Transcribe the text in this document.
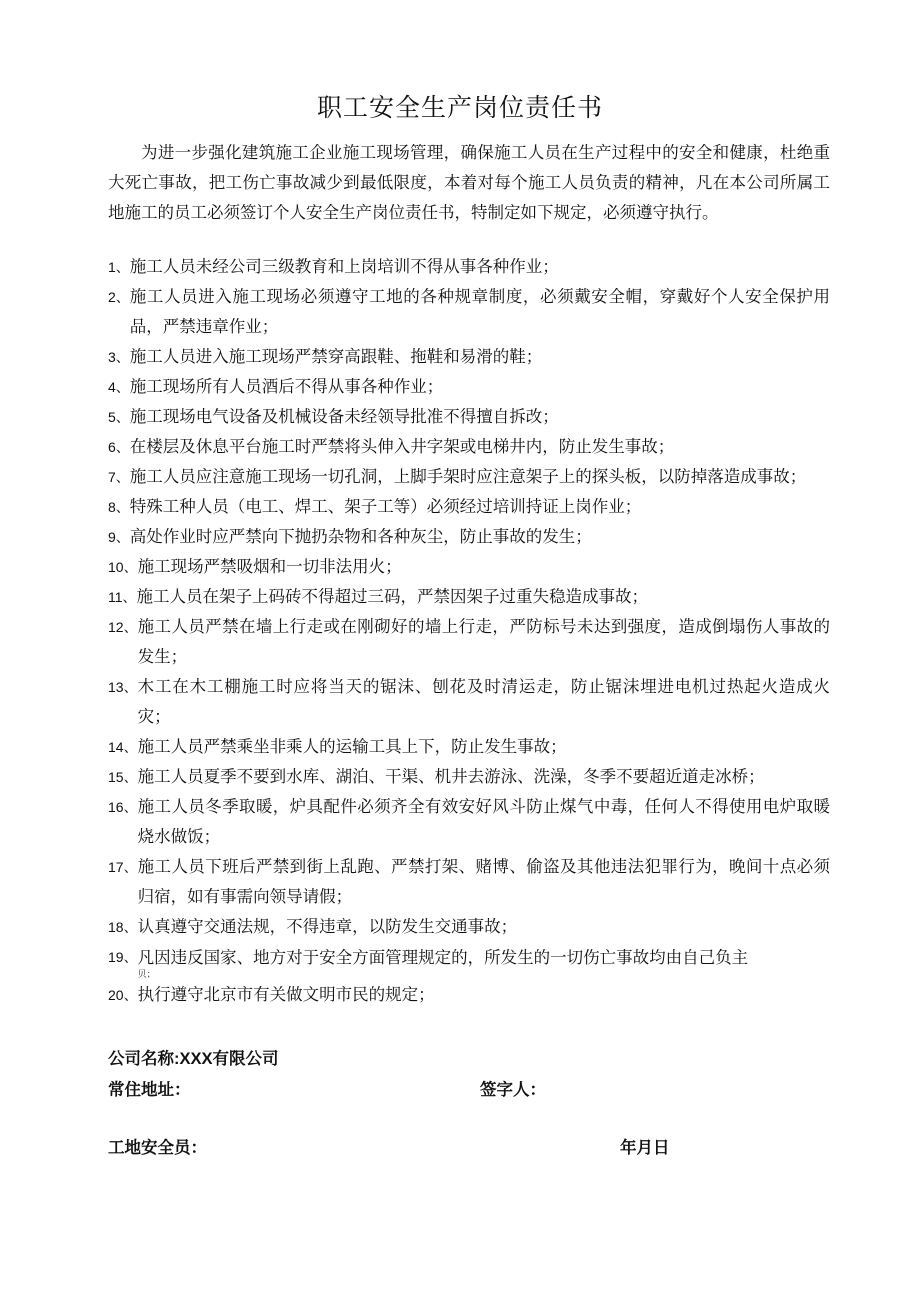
职工安全生产岗位责任书
为进一步强化建筑施工企业施工现场管理，确保施工人员在生产过程中的安全和健康，杜绝重大死亡事故，把工伤亡事故减少到最低限度，本着对每个施工人员负责的精神，凡在本公司所属工地施工的员工必须签订个人安全生产岗位责任书，特制定如下规定，必须遵守执行。
1、 施工人员未经公司三级教育和上岗培训不得从事各种作业；
2、 施工人员进入施工现场必须遵守工地的各种规章制度，必须戴安全帽，穿戴好个人安全保护用品，严禁违章作业；
3、 施工人员进入施工现场严禁穿高跟鞋、拖鞋和易滑的鞋；
4、 施工现场所有人员酒后不得从事各种作业；
5、 施工现场电气设备及机械设备未经领导批准不得擅自拆改；
6、 在楼层及休息平台施工时严禁将头伸入井字架或电梯井内，防止发生事故；
7、 施工人员应注意施工现场一切孔洞，上脚手架时应注意架子上的探头板，以防掉落造成事故；
8、 特殊工种人员（电工、焊工、架子工等）必须经过培训持证上岗作业；
9、 高处作业时应严禁向下抛扔杂物和各种灰尘，防止事故的发生；
10、 施工现场严禁吸烟和一切非法用火；
11、 施工人员在架子上码砖不得超过三码，严禁因架子过重失稳造成事故；
12、 施工人员严禁在墙上行走或在刚砌好的墙上行走，严防标号未达到强度，造成倒塌伤人事故的发生；
13、 木工在木工棚施工时应将当天的锯沫、刨花及时清运走，防止锯沫埋进电机过热起火造成火灾；
14、 施工人员严禁乘坐非乘人的运输工具上下，防止发生事故；
15、 施工人员夏季不要到水库、湖泊、干渠、机井去游泳、洗澡，冬季不要超近道走冰桥；
16、 施工人员冬季取暖，炉具配件必须齐全有效安好风斗防止煤气中毒，任何人不得使用电炉取暖烧水做饭；
17、 施工人员下班后严禁到街上乱跑、严禁打架、赌博、偷盗及其他违法犯罪行为，晚间十点必须归宿，如有事需向领导请假；
18、 认真遵守交通法规，不得违章，以防发生交通事故；
19、 凡因违反国家、地方对于安全方面管理规定的，所发生的一切伤亡事故均由自己负主
贝；
20、 执行遵守北京市有关做文明市民的规定；
公司名称:XXX有限公司
常住地址：	签字人：
工地安全员：	年月日
